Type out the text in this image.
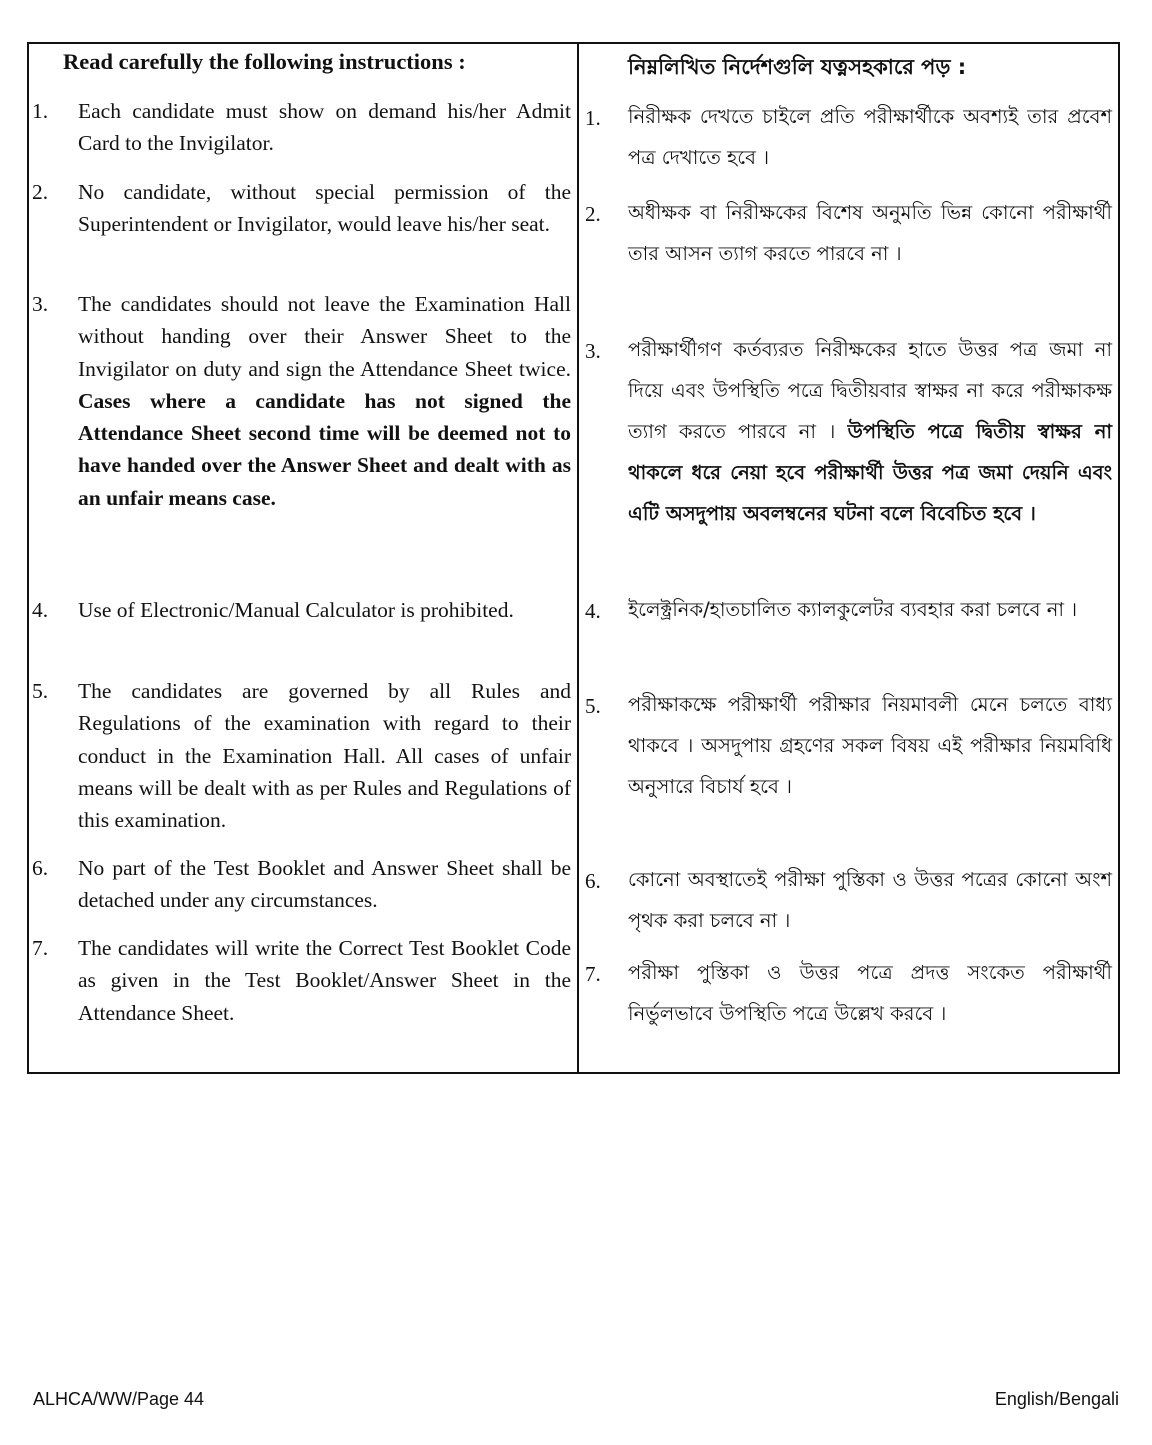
Read carefully the following instructions :
1. Each candidate must show on demand his/her Admit Card to the Invigilator.
2. No candidate, without special permission of the Superintendent or Invigilator, would leave his/her seat.
3. The candidates should not leave the Examination Hall without handing over their Answer Sheet to the Invigilator on duty and sign the Attendance Sheet twice. Cases where a candidate has not signed the Attendance Sheet second time will be deemed not to have handed over the Answer Sheet and dealt with as an unfair means case.
4. Use of Electronic/Manual Calculator is prohibited.
5. The candidates are governed by all Rules and Regulations of the examination with regard to their conduct in the Examination Hall. All cases of unfair means will be dealt with as per Rules and Regulations of this examination.
6. No part of the Test Booklet and Answer Sheet shall be detached under any circumstances.
7. The candidates will write the Correct Test Booklet Code as given in the Test Booklet/Answer Sheet in the Attendance Sheet.
নিম্নলিখিত নির্দেশগুলি যত্নসহকারে পড় :
1. নিরীক্ষক দেখতে চাইলে প্রতি পরীক্ষার্থীকে অবশ্যই তার প্রবেশ পত্র দেখাতে হবে ।
2. অধীক্ষক বা নিরীক্ষকের বিশেষ অনুমতি ভিন্ন কোনো পরীক্ষার্থী তার আসন ত্যাগ করতে পারবে না ।
3. পরীক্ষার্থীগণ কর্তব্যরত নিরীক্ষকের হাতে উত্তর পত্র জমা না দিয়ে এবং উপস্থিতি পত্রে দ্বিতীয়বার স্বাক্ষর না করে পরীক্ষাকক্ষ ত্যাগ করতে পারবে না । উপস্থিতি পত্রে দ্বিতীয় স্বাক্ষর না থাকলে ধরে নেয়া হবে পরীক্ষার্থী উত্তর পত্র জমা দেয়নি এবং এটি অসদুপায় অবলম্বনের ঘটনা বলে বিবেচিত হবে ।
4. ইলেক্ট্রনিক/হাতচালিত ক্যালকুলেটর ব্যবহার করা চলবে না ।
5. পরীক্ষাকক্ষে পরীক্ষার্থী পরীক্ষার নিয়মাবলী মেনে চলতে বাধ্য থাকবে । অসদুপায় গ্রহণের সকল বিষয় এই পরীক্ষার নিয়মবিধি অনুসারে বিচার্য হবে ।
6. কোনো অবস্থাতেই পরীক্ষা পুস্তিকা ও উত্তর পত্রের কোনো অংশ পৃথক করা চলবে না ।
7. পরীক্ষা পুস্তিকা ও উত্তর পত্রে প্রদত্ত সংকেত পরীক্ষার্থী নির্ভুলভাবে উপস্থিতি পত্রে উল্লেখ করবে ।
ALHCA/WW/Page 44	English/Bengali
